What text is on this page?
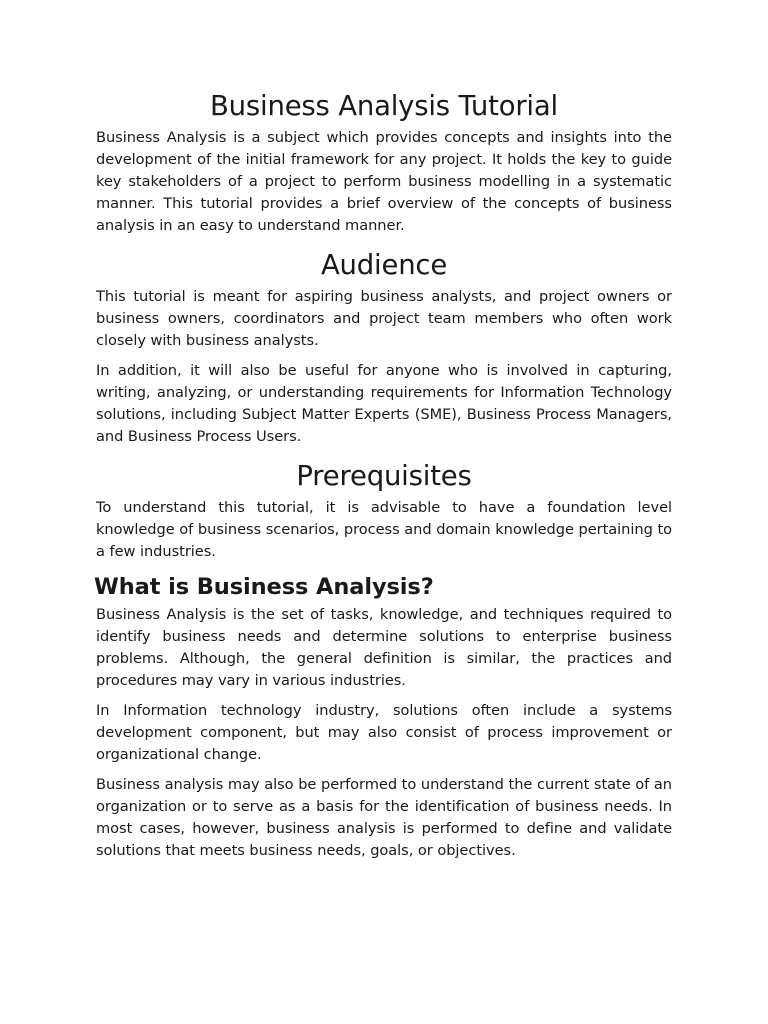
Business Analysis Tutorial

Business Analysis is a subject which provides concepts and insights into the development of the initial framework for any project. It holds the key to guide key stakeholders of a project to perform business modelling in a systematic manner. This tutorial provides a brief overview of the concepts of business analysis in an easy to understand manner.

Audience

This tutorial is meant for aspiring business analysts, and project owners or business owners, coordinators and project team members who often work closely with business analysts.

In addition, it will also be useful for anyone who is involved in capturing, writing, analyzing, or understanding requirements for Information Technology solutions, including Subject Matter Experts (SME), Business Process Managers, and Business Process Users.

Prerequisites

To understand this tutorial, it is advisable to have a foundation level knowledge of business scenarios, process and domain knowledge pertaining to a few industries.

What is Business Analysis?

Business Analysis is the set of tasks, knowledge, and techniques required to identify business needs and determine solutions to enterprise business problems. Although, the general definition is similar, the practices and procedures may vary in various industries.

In Information technology industry, solutions often include a systems development component, but may also consist of process improvement or organizational change.

Business analysis may also be performed to understand the current state of an organization or to serve as a basis for the identification of business needs. In most cases, however, business analysis is performed to define and validate solutions that meets business needs, goals, or objectives.
